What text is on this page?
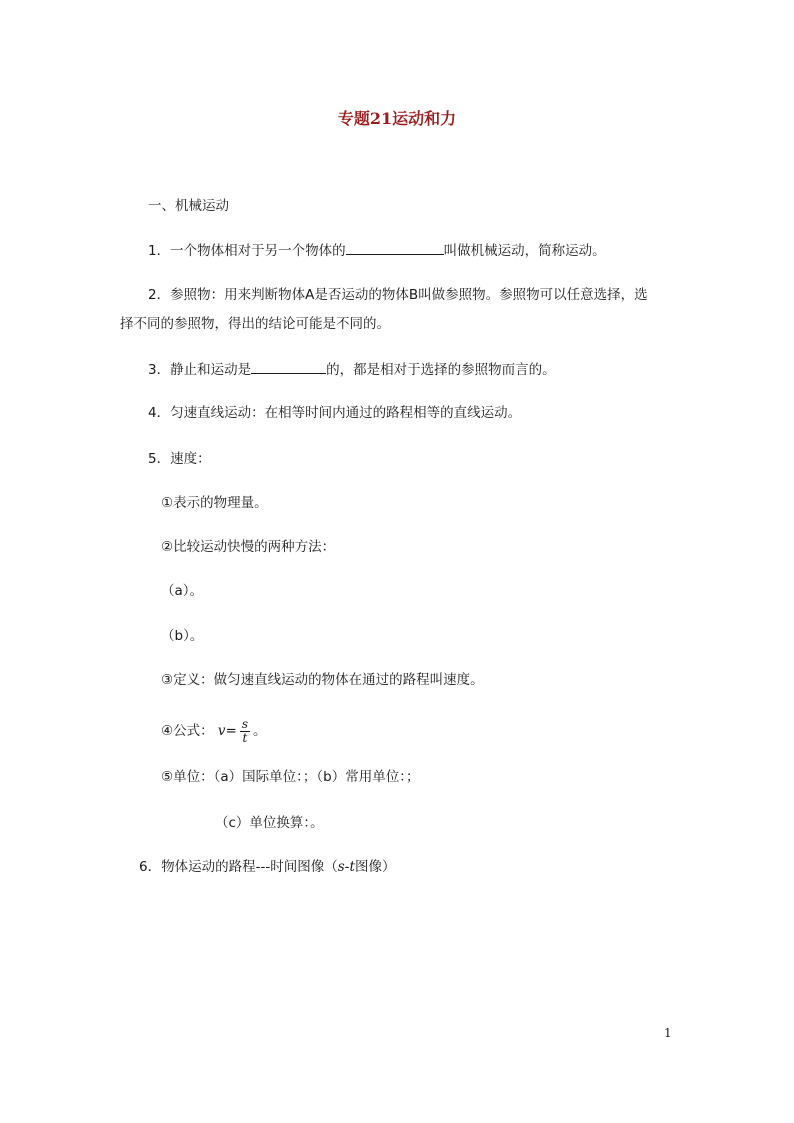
专题21运动和力
一、机械运动
1．一个物体相对于另一个物体的	叫做机械运动，简称运动。
2．参照物：用来判断物体A是否运动的物体B叫做参照物。参照物可以任意选择，选
择不同的参照物，得出的结论可能是不同的。
3．静止和运动是	的，都是相对于选择的参照物而言的。
4．匀速直线运动：在相等时间内通过的路程相等的直线运动。
5．速度：
①表示的物理量。
②比较运动快慢的两种方法：
（a）。
（b）。
③定义：做匀速直线运动的物体在通过的路程叫速度。
④公式： $v= \frac{s}{t}$ 。
⑤单位：（a）国际单位：；（b）常用单位：；
（c）单位换算：。
6．物体运动的路程---时间图像（s-t图像）
1
